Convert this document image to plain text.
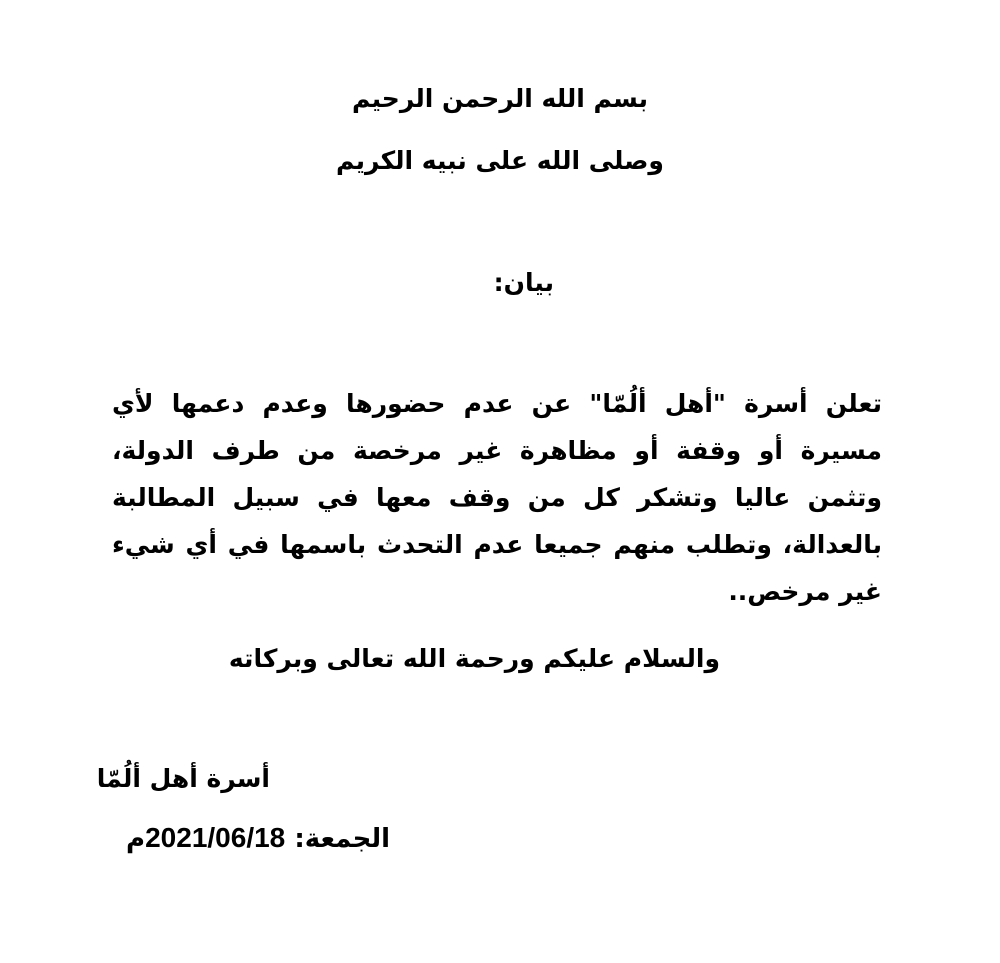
بسم الله الرحمن الرحيم
وصلى الله على نبيه الكريم
بيان:
تعلن أسرة "أهل ألُمّا" عن عدم حضورها وعدم دعمها لأي مسيرة أو وقفة أو مظاهرة غير مرخصة من طرف الدولة، وتثمن عاليا وتشكر كل من وقف معها في سبيل المطالبة بالعدالة، وتطلب منهم جميعا عدم التحدث باسمها في أي شيء غير مرخص..
والسلام عليكم ورحمة الله تعالى وبركاته
أسرة أهل ألُمّا
الجمعة: 2021/06/18م
